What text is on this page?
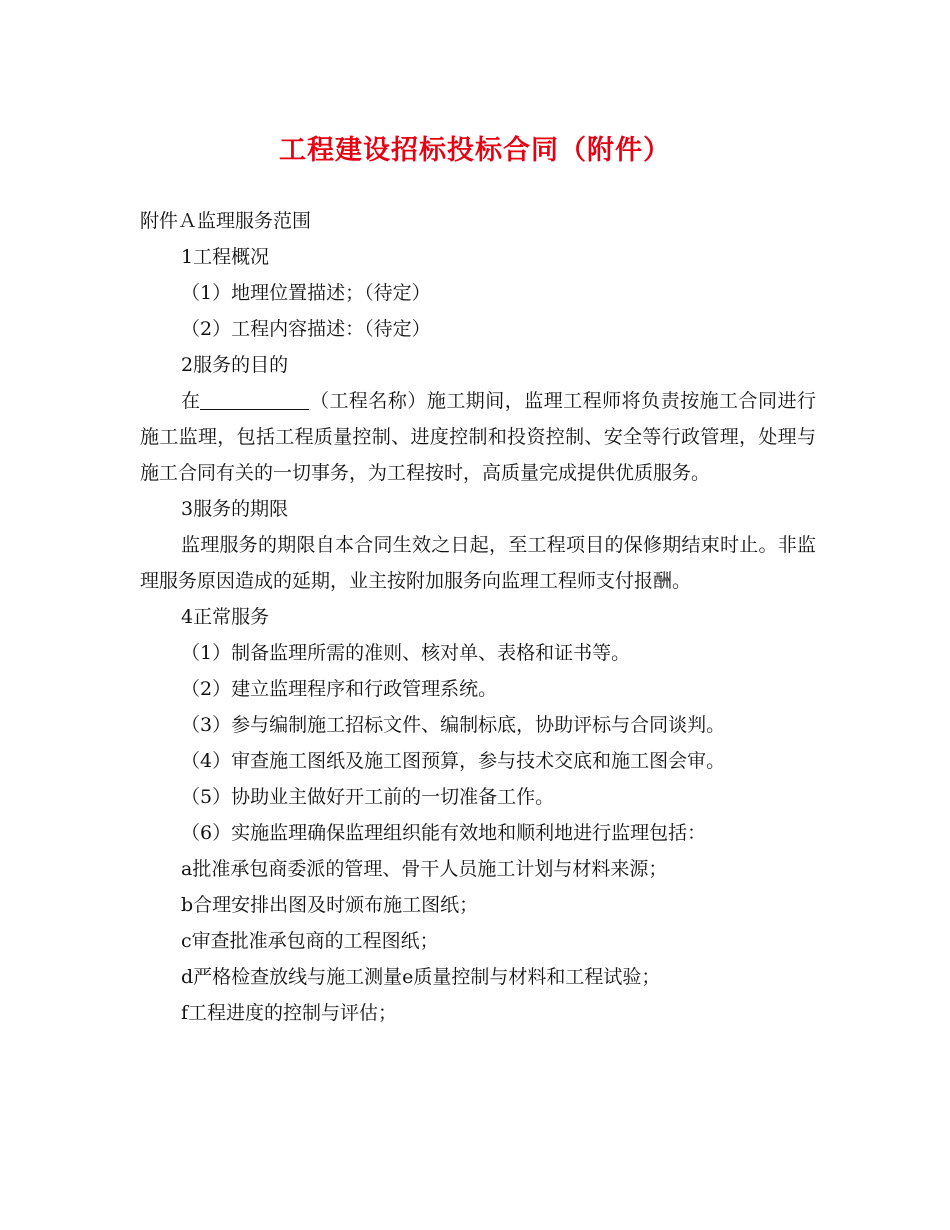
工程建设招标投标合同（附件）

附件Ａ监理服务范围

1工程概况

（1）地理位置描述；（待定）

（2）工程内容描述：（待定）

2服务的目的

在	（工程名称）施工期间，监理工程师将负责按施工合同进行施工监理，包括工程质量控制、进度控制和投资控制、安全等行政管理，处理与施工合同有关的一切事务，为工程按时，高质量完成提供优质服务。

3服务的期限

监理服务的期限自本合同生效之日起，至工程项目的保修期结束时止。非监理服务原因造成的延期，业主按附加服务向监理工程师支付报酬。

4正常服务

（1）制备监理所需的准则、核对单、表格和证书等。

（2）建立监理程序和行政管理系统。

（3）参与编制施工招标文件、编制标底，协助评标与合同谈判。

（4）审查施工图纸及施工图预算，参与技术交底和施工图会审。

（5）协助业主做好开工前的一切准备工作。

（6）实施监理确保监理组织能有效地和顺利地进行监理包括：

a批准承包商委派的管理、骨干人员施工计划与材料来源；

b合理安排出图及时颁布施工图纸；

c审查批准承包商的工程图纸；

d严格检查放线与施工测量e质量控制与材料和工程试验；

f工程进度的控制与评估；
